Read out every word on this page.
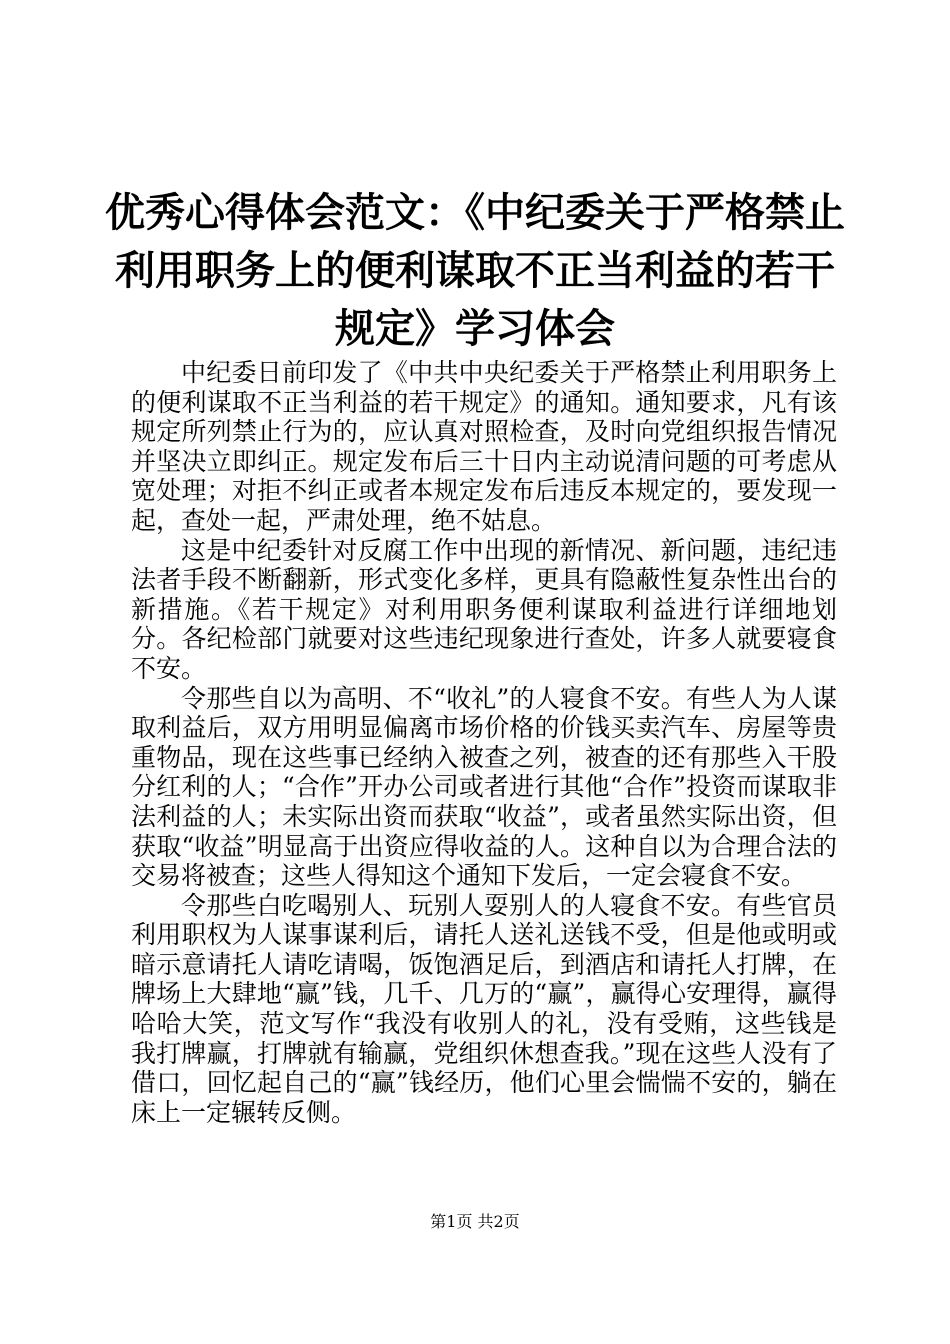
优秀心得体会范文：《中纪委关于严格禁止利用职务上的便利谋取不正当利益的若干规定》学习体会

中纪委日前印发了《中共中央纪委关于严格禁止利用职务上的便利谋取不正当利益的若干规定》的通知。通知要求，凡有该规定所列禁止行为的，应认真对照检查，及时向党组织报告情况并坚决立即纠正。规定发布后三十日内主动说清问题的可考虑从宽处理；对拒不纠正或者本规定发布后违反本规定的，要发现一起，查处一起，严肃处理，绝不姑息。

这是中纪委针对反腐工作中出现的新情况、新问题，违纪违法者手段不断翻新，形式变化多样，更具有隐蔽性复杂性出台的新措施。《若干规定》对利用职务便利谋取利益进行详细地划分。各纪检部门就要对这些违纪现象进行查处，许多人就要寝食不安。

令那些自以为高明、不“收礼”的人寝食不安。有些人为人谋取利益后，双方用明显偏离市场价格的价钱买卖汽车、房屋等贵重物品，现在这些事已经纳入被查之列，被查的还有那些入干股分红利的人；“合作”开办公司或者进行其他“合作”投资而谋取非法利益的人；未实际出资而获取“收益”，或者虽然实际出资，但获取“收益”明显高于出资应得收益的人。这种自以为合理合法的交易将被查；这些人得知这个通知下发后，一定会寝食不安。

令那些白吃喝别人、玩别人耍别人的人寝食不安。有些官员利用职权为人谋事谋利后，请托人送礼送钱不受，但是他或明或暗示意请托人请吃请喝，饭饱酒足后，到酒店和请托人打牌，在牌场上大肆地“赢”钱，几千、几万的“赢”，赢得心安理得，赢得哈哈大笑，范文写作“我没有收别人的礼，没有受贿，这些钱是我打牌赢，打牌就有输赢，党组织休想查我。”现在这些人没有了借口，回忆起自己的“赢”钱经历，他们心里会惴惴不安的，躺在床上一定辗转反侧。

第1页 共2页
